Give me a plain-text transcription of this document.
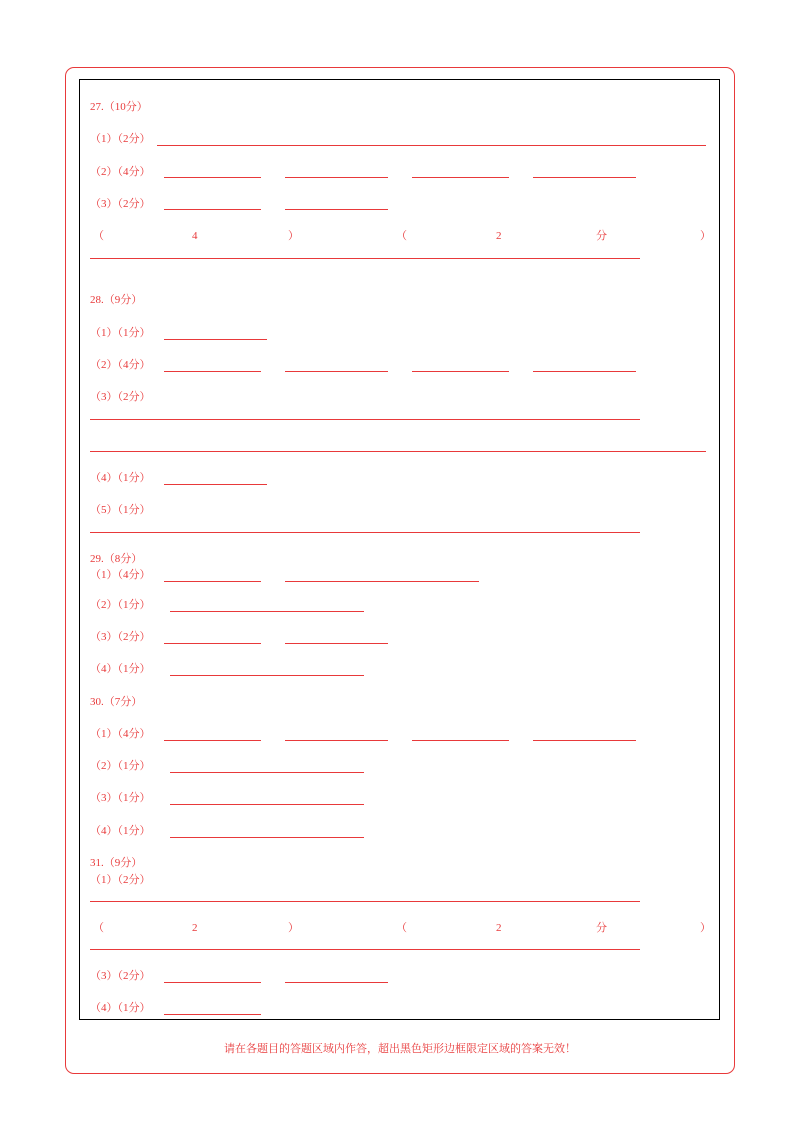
27.（10分）
（1）（2分）
（2）（4分）
（3）（2分）
（	4	）	（	2	分	）
28.（9分）
（1）（1分）
（2）（4分）
（3）（2分）
（4）（1分）
（5）（1分）
29.（8分）
（1）（4分）
（2）（1分）
（3）（2分）
（4）（1分）
30.（7分）
（1）（4分）
（2）（1分）
（3）（1分）
（4）（1分）
31.（9分）
（1）（2分）
（	2	）	（	2	分	）
（3）（2分）
（4）（1分）
请在各题目的答题区域内作答，超出黑色矩形边框限定区域的答案无效！
